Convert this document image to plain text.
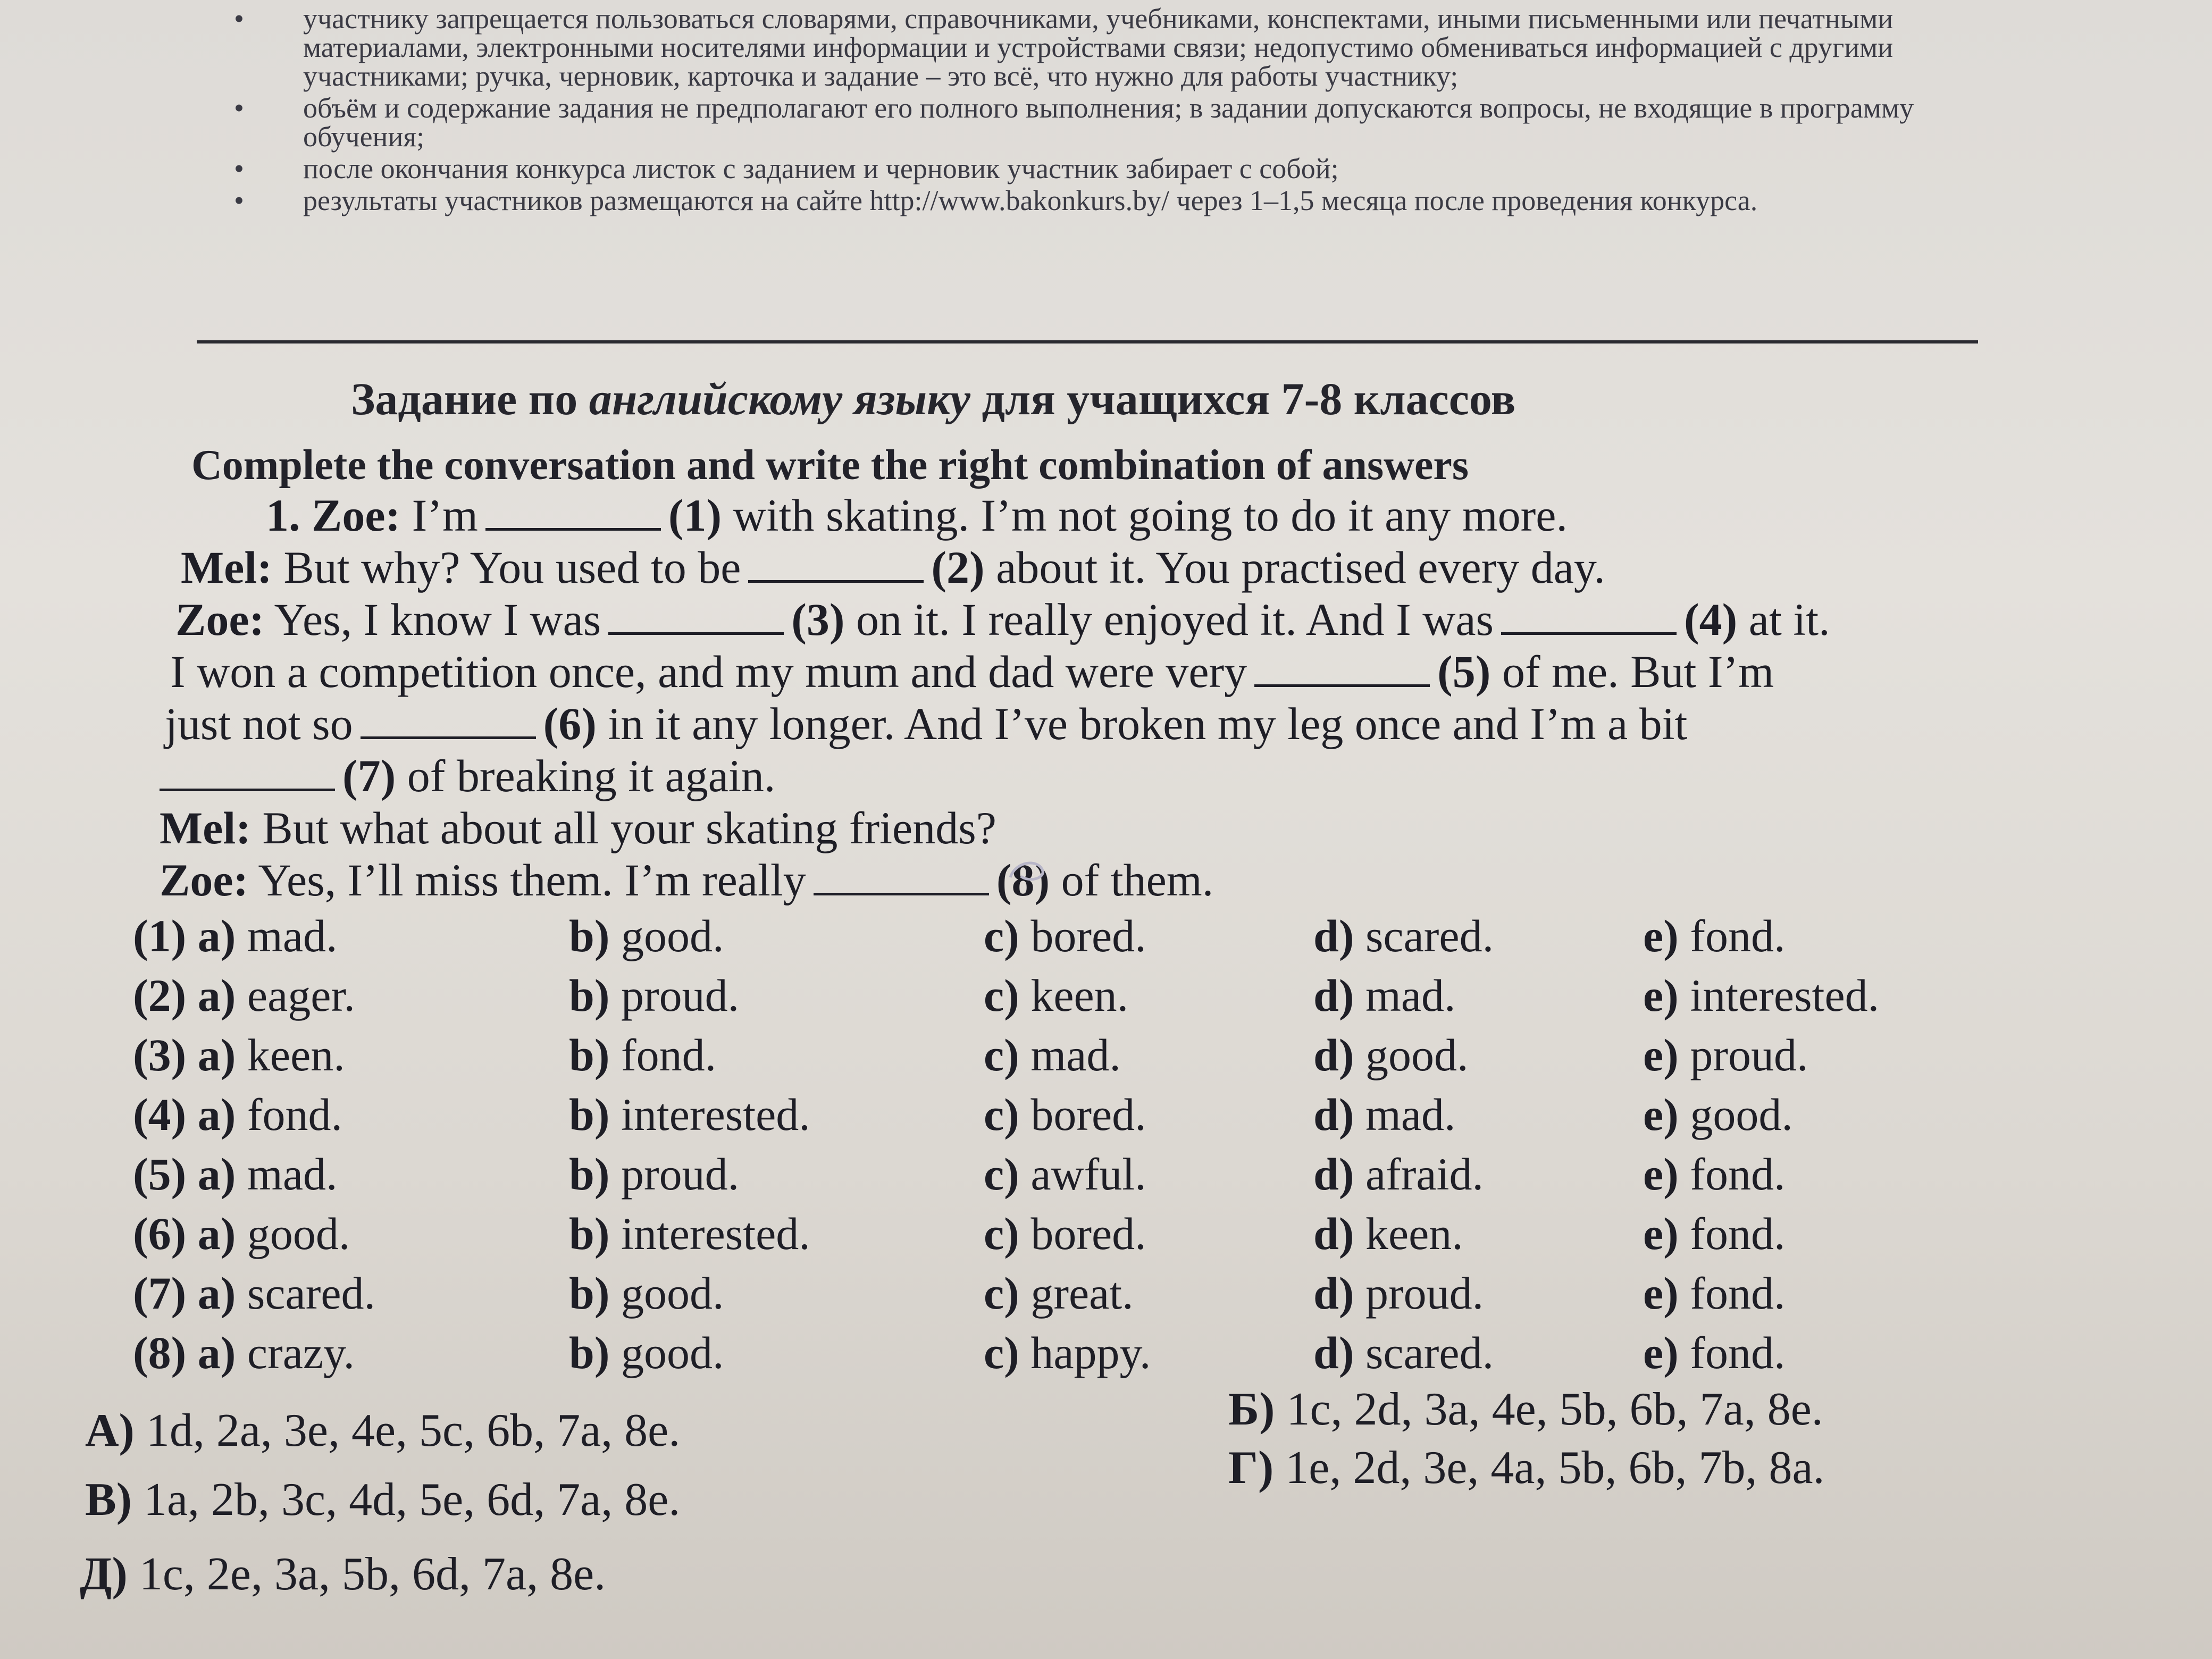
• участнику запрещается пользоваться словарями, справочниками, учебниками, конспектами, иными письменными или печатными материалами, электронными носителями информации и устройствами связи; недопустимо обмениваться информацией с другими участниками; ручка, черновик, карточка и задание – это всё, что нужно для работы участнику;
• объём и содержание задания не предполагают его полного выполнения; в задании допускаются вопросы, не входящие в программу обучения;
• после окончания конкурса листок с заданием и черновик участник забирает с собой;
• результаты участников размещаются на сайте http://www.bakonkurs.by/ через 1–1,5 месяца после проведения конкурса.
Задание по английскому языку для учащихся 7-8 классов
Complete the conversation and write the right combination of answers
1. Zoe: I’m	(1) with skating. I’m not going to do it any more.
Mel: But why? You used to be	(2) about it. You practised every day.
Zoe: Yes, I know I was	(3) on it. I really enjoyed it. And I was	(4) at it.
I won a competition once, and my mum and dad were very	(5) of me. But I’m
just not so	(6) in it any longer. And I’ve broken my leg once and I’m a bit
(7) of breaking it again.
Mel: But what about all your skating friends?
Zoe: Yes, I’ll miss them. I’m really	(8) of them.
(1) a) mad.	b) good.	c) bored.	d) scared.	e) fond.
(2) a) eager.	b) proud.	c) keen.	d) mad.	e) interested.
(3) a) keen.	b) fond.	c) mad.	d) good.	e) proud.
(4) a) fond.	b) interested.	c) bored.	d) mad.	e) good.
(5) a) mad.	b) proud.	c) awful.	d) afraid.	e) fond.
(6) a) good.	b) interested.	c) bored.	d) keen.	e) fond.
(7) a) scared.	b) good.	c) great.	d) proud.	e) fond.
(8) a) crazy.	b) good.	c) happy.	d) scared.	e) fond.
А) 1d, 2a, 3e, 4e, 5c, 6b, 7a, 8e.	Б) 1c, 2d, 3a, 4e, 5b, 6b, 7a, 8e.
В) 1a, 2b, 3c, 4d, 5e, 6d, 7a, 8e.
Г) 1e, 2d, 3e, 4a, 5b, 6b, 7b, 8a.
Д) 1c, 2e, 3a, 5b, 6d, 7a, 8e.
